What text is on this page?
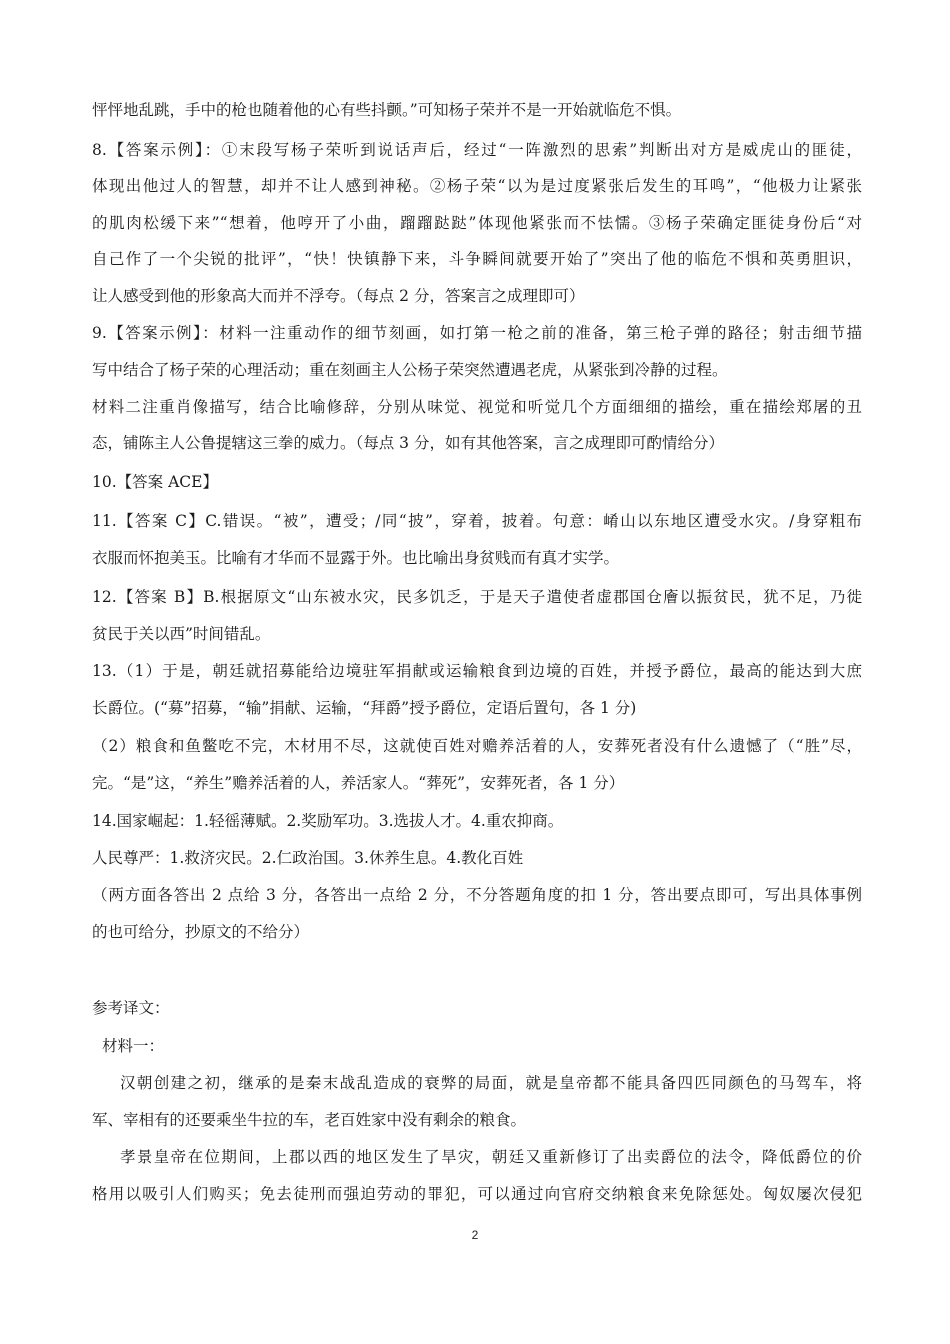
怦怦地乱跳，手中的枪也随着他的心有些抖颤。”可知杨子荣并不是一开始就临危不惧。
8.【答案示例】：①末段写杨子荣听到说话声后，经过“一阵激烈的思索”判断出对方是威虎山的匪徒，
体现出他过人的智慧，却并不让人感到神秘。②杨子荣“以为是过度紧张后发生的耳鸣”，“他极力让紧张
的肌肉松缓下来”“想着，他哼开了小曲，蹓蹓跶跶”体现他紧张而不怯懦。③杨子荣确定匪徒身份后“对
自己作了一个尖锐的批评”，“快！快镇静下来，斗争瞬间就要开始了”突出了他的临危不惧和英勇胆识，
让人感受到他的形象高大而并不浮夸。（每点 2 分，答案言之成理即可）
9.【答案示例】：材料一注重动作的细节刻画，如打第一枪之前的准备，第三枪子弹的路径；射击细节描
写中结合了杨子荣的心理活动；重在刻画主人公杨子荣突然遭遇老虎，从紧张到冷静的过程。
材料二注重肖像描写，结合比喻修辞，分别从味觉、视觉和听觉几个方面细细的描绘，重在描绘郑屠的丑
态，铺陈主人公鲁提辖这三拳的威力。（每点 3 分，如有其他答案，言之成理即可酌情给分）
10.【答案 ACE】
11.【答案 C】C.错误。“被”，遭受；/同“披”，穿着，披着。句意：崤山以东地区遭受水灾。/身穿粗布
衣服而怀抱美玉。比喻有才华而不显露于外。也比喻出身贫贱而有真才实学。
12.【答案 B】B.根据原文“山东被水灾，民多饥乏，于是天子遣使者虚郡国仓廥以振贫民，犹不足，乃徙
贫民于关以西”时间错乱。
13.（1）于是，朝廷就招募能给边境驻军捐献或运输粮食到边境的百姓，并授予爵位，最高的能达到大庶
长爵位。(“募”招募，“输”捐献、运输，“拜爵”授予爵位，定语后置句，各 1 分)
（2）粮食和鱼鳖吃不完，木材用不尽，这就使百姓对赡养活着的人，安葬死者没有什么遗憾了（“胜”尽，
完。“是”这，“养生”赡养活着的人，养活家人。“葬死”，安葬死者，各 1 分）
14.国家崛起：1.轻徭薄赋。2.奖励军功。3.选拔人才。4.重农抑商。
人民尊严：1.救济灾民。2.仁政治国。3.休养生息。4.教化百姓
（两方面各答出 2 点给 3 分，各答出一点给 2 分，不分答题角度的扣 1 分，答出要点即可，写出具体事例
的也可给分，抄原文的不给分）
参考译文：
材料一：
汉朝创建之初，继承的是秦末战乱造成的衰弊的局面，就是皇帝都不能具备四匹同颜色的马驾车，将
军、宰相有的还要乘坐牛拉的车，老百姓家中没有剩余的粮食。
孝景皇帝在位期间，上郡以西的地区发生了旱灾，朝廷又重新修订了出卖爵位的法令，降低爵位的价
格用以吸引人们购买；免去徒刑而强迫劳动的罪犯，可以通过向官府交纳粮食来免除惩处。匈奴屡次侵犯
2
